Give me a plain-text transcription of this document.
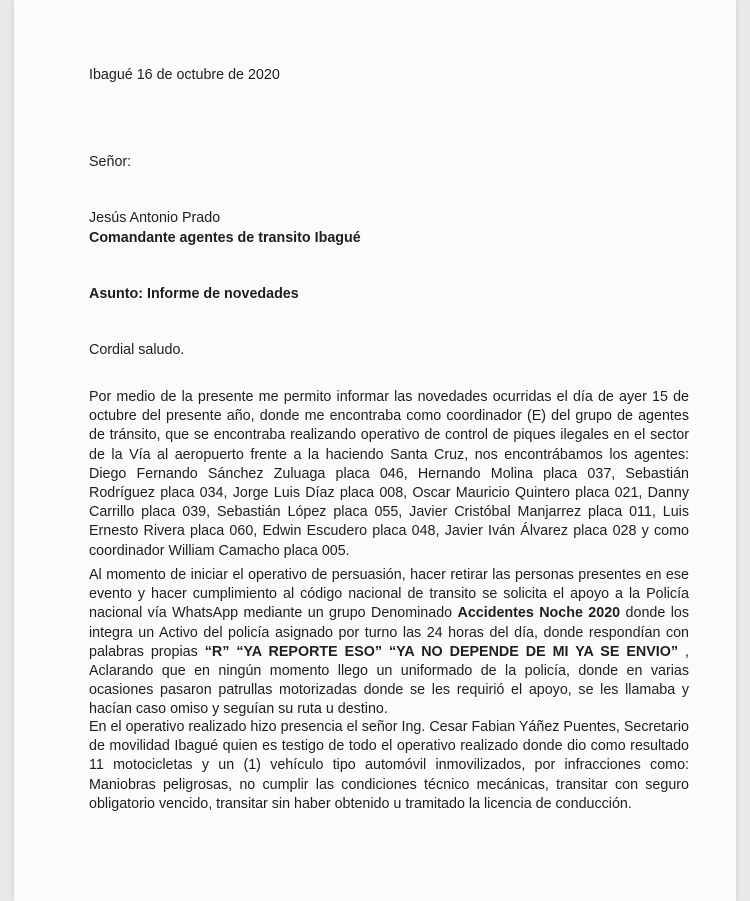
Ibagué 16 de octubre de 2020

Señor:

Jesús Antonio Prado

Comandante agentes de transito Ibagué

Asunto: Informe de novedades

Cordial saludo.

Por medio de la presente me permito informar las novedades ocurridas el día de ayer 15 de octubre del presente año, donde me encontraba como coordinador (E) del grupo de agentes de tránsito, que se encontraba realizando operativo de control de piques ilegales en el sector de la Vía al aeropuerto frente a la haciendo Santa Cruz, nos encontrábamos los agentes: Diego Fernando Sánchez Zuluaga placa 046, Hernando Molina placa 037, Sebastián Rodríguez placa 034, Jorge Luis Díaz placa 008, Oscar Mauricio Quintero placa 021, Danny Carrillo placa 039, Sebastián López placa 055, Javier Cristóbal Manjarrez placa 011, Luis Ernesto Rivera placa 060, Edwin Escudero placa 048, Javier Iván Álvarez placa 028 y como coordinador William Camacho placa 005.

Al momento de iniciar el operativo de persuasión, hacer retirar las personas presentes en ese evento y hacer cumplimiento al código nacional de transito se solicita el apoyo a la Policía nacional vía WhatsApp mediante un grupo Denominado Accidentes Noche 2020 donde los integra un Activo del policía asignado por turno las 24 horas del día, donde respondían con palabras propias “R” “YA REPORTE ESO” “YA NO DEPENDE DE MI YA SE ENVIO” , Aclarando que en ningún momento llego un uniformado de la policía, donde en varias ocasiones pasaron patrullas motorizadas donde se les requirió el apoyo, se les llamaba y hacían caso omiso y seguían su ruta u destino.

En el operativo realizado hizo presencia el señor Ing. Cesar Fabian Yáñez Puentes, Secretario de movilidad Ibagué quien es testigo de todo el operativo realizado donde dio como resultado 11 motocicletas y un (1) vehículo tipo automóvil inmovilizados, por infracciones como: Maniobras peligrosas, no cumplir las condiciones técnico mecánicas, transitar con seguro obligatorio vencido, transitar sin haber obtenido u tramitado la licencia de conducción.
